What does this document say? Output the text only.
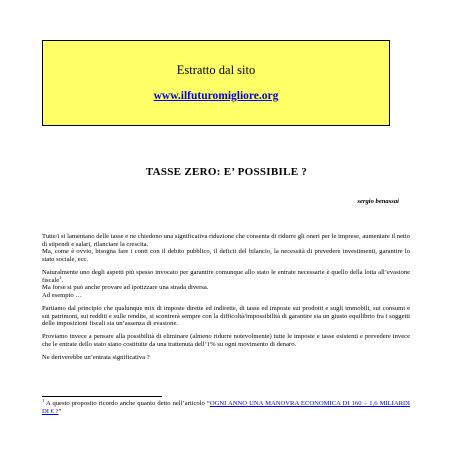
Estratto dal sito
www.ilfuturomigliore.org
TASSE ZERO: E’ POSSIBILE ?
sergio benassai

Tutte/i si lamentano delle tasse e ne chiedono una significativa riduzione che consenta di ridurre gli oneri per le imprese, aumentare il netto di stipendi e salari, rilanciare la crescita.
Ma, come è ovvio, bisogna fare i conti con il debito pubblico, il deficit del bilancio, la necessità di prevedere investimenti, garantire lo stato sociale, ecc.

Naturalmente uno degli aspetti più spesso invocato per garantire comunque allo stato le entrate necessarie è quello della lotta all’evasione fiscale$^1$.
Ma forse si può anche provare ad ipotizzare una strada diversa.
Ad esempio …

Partiamo dal principio che qualunque mix di imposte dirette ed indirette, di tasse ed imposte sui prodotti e sugli immobili, sui consumi e sui patrimoni, sui redditi e sulle rendite, si scontrerà sempre con la difficoltà/impossibilità di garantire sia un giusto equilibrio fra i soggetti delle imposizioni fiscali sia un’assenza di evasione.

Proviamo invece a pensare alla possibilità di eliminare (almeno ridurre notevolmente) tutte le imposte e tasse esistenti e prevedere invece che le entrate dello stato siano costituite da una trattenuta dell’1% su ogni movimento di denaro.

Ne deriverebbe un’entrata significativa ?

$^1$ A questo proposito ricordo anche quanto detto nell’articolo “OGNI ANNO UNA MANOVRA ECONOMICA DI 160 ÷ 1,6 MILIARDI DI € ?”
